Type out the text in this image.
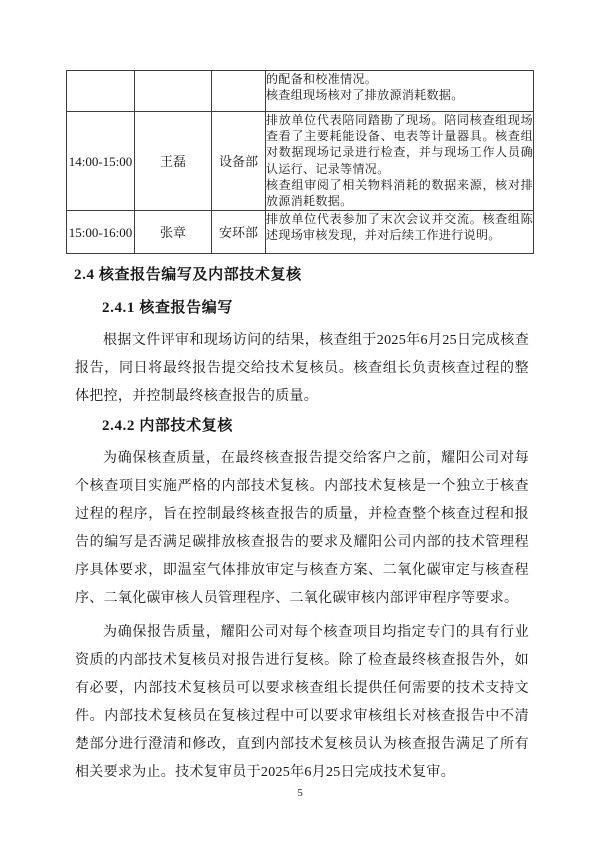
			的配备和校准情况。
核查组现场核对了排放源消耗数据。

14:00-15:00	王磊	设备部	排放单位代表陪同踏勘了现场。陪同核查组现场查看了主要耗能设备、电表等计量器具。核查组对数据现场记录进行检查，并与现场工作人员确认运行、记录等情况。
核查组审阅了相关物料消耗的数据来源，核对排放源消耗数据。

15:00-16:00	张章	安环部	排放单位代表参加了末次会议并交流。核查组陈述现场审核发现，并对后续工作进行说明。
2.4 核查报告编写及内部技术复核
2.4.1 核查报告编写

根据文件评审和现场访问的结果，核查组于2025年6月25日完成核查报告，同日将最终报告提交给技术复核员。核查组长负责核查过程的整体把控，并控制最终核查报告的质量。

2.4.2 内部技术复核

为确保核查质量，在最终核查报告提交给客户之前，耀阳公司对每个核查项目实施严格的内部技术复核。内部技术复核是一个独立于核查过程的程序，旨在控制最终核查报告的质量，并检查整个核查过程和报告的编写是否满足碳排放核查报告的要求及耀阳公司内部的技术管理程序具体要求，即温室气体排放审定与核查方案、二氧化碳审定与核查程序、二氧化碳审核人员管理程序、二氧化碳审核内部评审程序等要求。

为确保报告质量，耀阳公司对每个核查项目均指定专门的具有行业资质的内部技术复核员对报告进行复核。除了检查最终核查报告外，如有必要，内部技术复核员可以要求核查组长提供任何需要的技术支持文件。内部技术复核员在复核过程中可以要求审核组长对核查报告中不清楚部分进行澄清和修改，直到内部技术复核员认为核查报告满足了所有相关要求为止。技术复审员于2025年6月25日完成技术复审。

5
